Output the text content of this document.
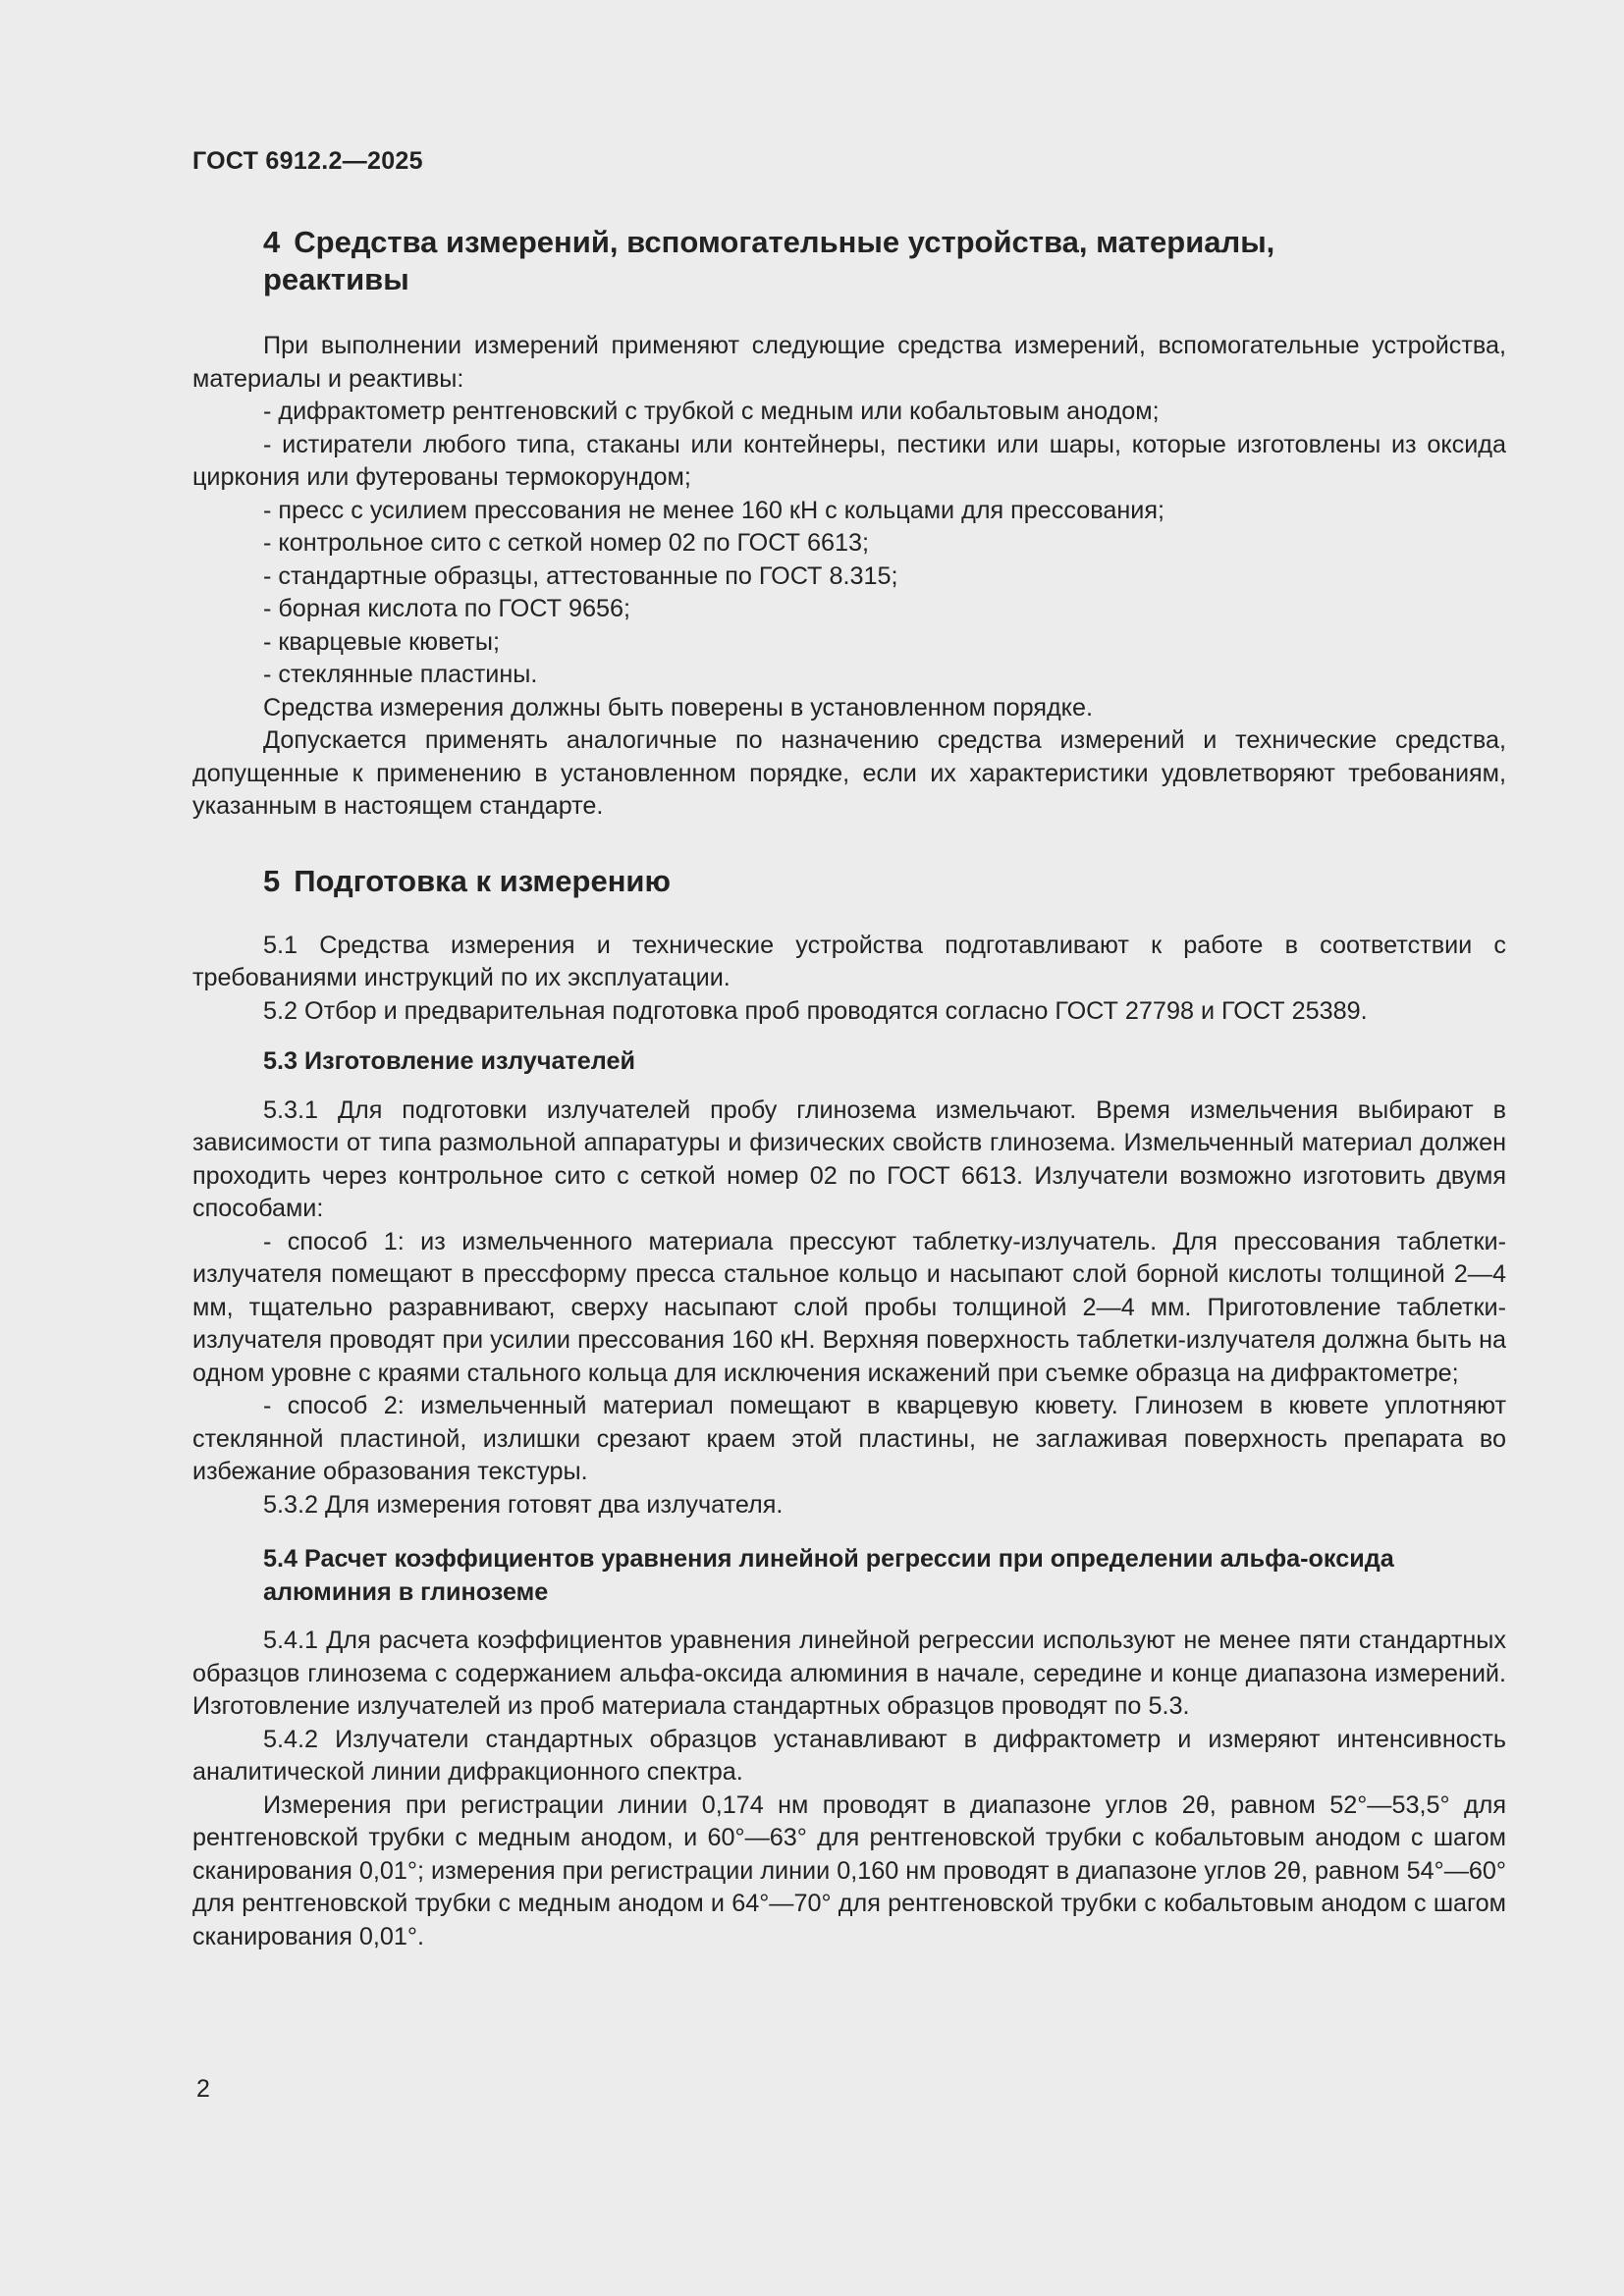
ГОСТ 6912.2—2025
4 Средства измерений, вспомогательные устройства, материалы, реактивы

При выполнении измерений применяют следующие средства измерений, вспомогательные устройства, материалы и реактивы:

- дифрактометр рентгеновский с трубкой с медным или кобальтовым анодом;

- истиратели любого типа, стаканы или контейнеры, пестики или шары, которые изготовлены из оксида циркония или футерованы термокорундом;

- пресс с усилием прессования не менее 160 кН с кольцами для прессования;

- контрольное сито с сеткой номер 02 по ГОСТ 6613;

- стандартные образцы, аттестованные по ГОСТ 8.315;

- борная кислота по ГОСТ 9656;

- кварцевые кюветы;

- стеклянные пластины.

Средства измерения должны быть поверены в установленном порядке.

Допускается применять аналогичные по назначению средства измерений и технические средства, допущенные к применению в установленном порядке, если их характеристики удовлетворяют требованиям, указанным в настоящем стандарте.

5 Подготовка к измерению

5.1 Средства измерения и технические устройства подготавливают к работе в соответствии с требованиями инструкций по их эксплуатации.

5.2 Отбор и предварительная подготовка проб проводятся согласно ГОСТ 27798 и ГОСТ 25389.

5.3 Изготовление излучателей

5.3.1 Для подготовки излучателей пробу глинозема измельчают. Время измельчения выбирают в зависимости от типа размольной аппаратуры и физических свойств глинозема. Измельченный материал должен проходить через контрольное сито с сеткой номер 02 по ГОСТ 6613. Излучатели возможно изготовить двумя способами:

- способ 1: из измельченного материала прессуют таблетку-излучатель. Для прессования таблетки-излучателя помещают в прессформу пресса стальное кольцо и насыпают слой борной кислоты толщиной 2—4 мм, тщательно разравнивают, сверху насыпают слой пробы толщиной 2—4 мм. Приготовление таблетки-излучателя проводят при усилии прессования 160 кН. Верхняя поверхность таблетки-излучателя должна быть на одном уровне с краями стального кольца для исключения искажений при съемке образца на дифрактометре;

- способ 2: измельченный материал помещают в кварцевую кювету. Глинозем в кювете уплотняют стеклянной пластиной, излишки срезают краем этой пластины, не заглаживая поверхность препарата во избежание образования текстуры.

5.3.2 Для измерения готовят два излучателя.

5.4 Расчет коэффициентов уравнения линейной регрессии при определении альфа-оксида алюминия в глиноземе

5.4.1 Для расчета коэффициентов уравнения линейной регрессии используют не менее пяти стандартных образцов глинозема с содержанием альфа-оксида алюминия в начале, середине и конце диапазона измерений. Изготовление излучателей из проб материала стандартных образцов проводят по 5.3.

5.4.2 Излучатели стандартных образцов устанавливают в дифрактометр и измеряют интенсивность аналитической линии дифракционного спектра.

Измерения при регистрации линии 0,174 нм проводят в диапазоне углов 2θ, равном 52°—53,5° для рентгеновской трубки с медным анодом, и 60°—63° для рентгеновской трубки с кобальтовым анодом с шагом сканирования 0,01°; измерения при регистрации линии 0,160 нм проводят в диапазоне углов 2θ, равном 54°—60° для рентгеновской трубки с медным анодом и 64°—70° для рентгеновской трубки с кобальтовым анодом с шагом сканирования 0,01°.

2
